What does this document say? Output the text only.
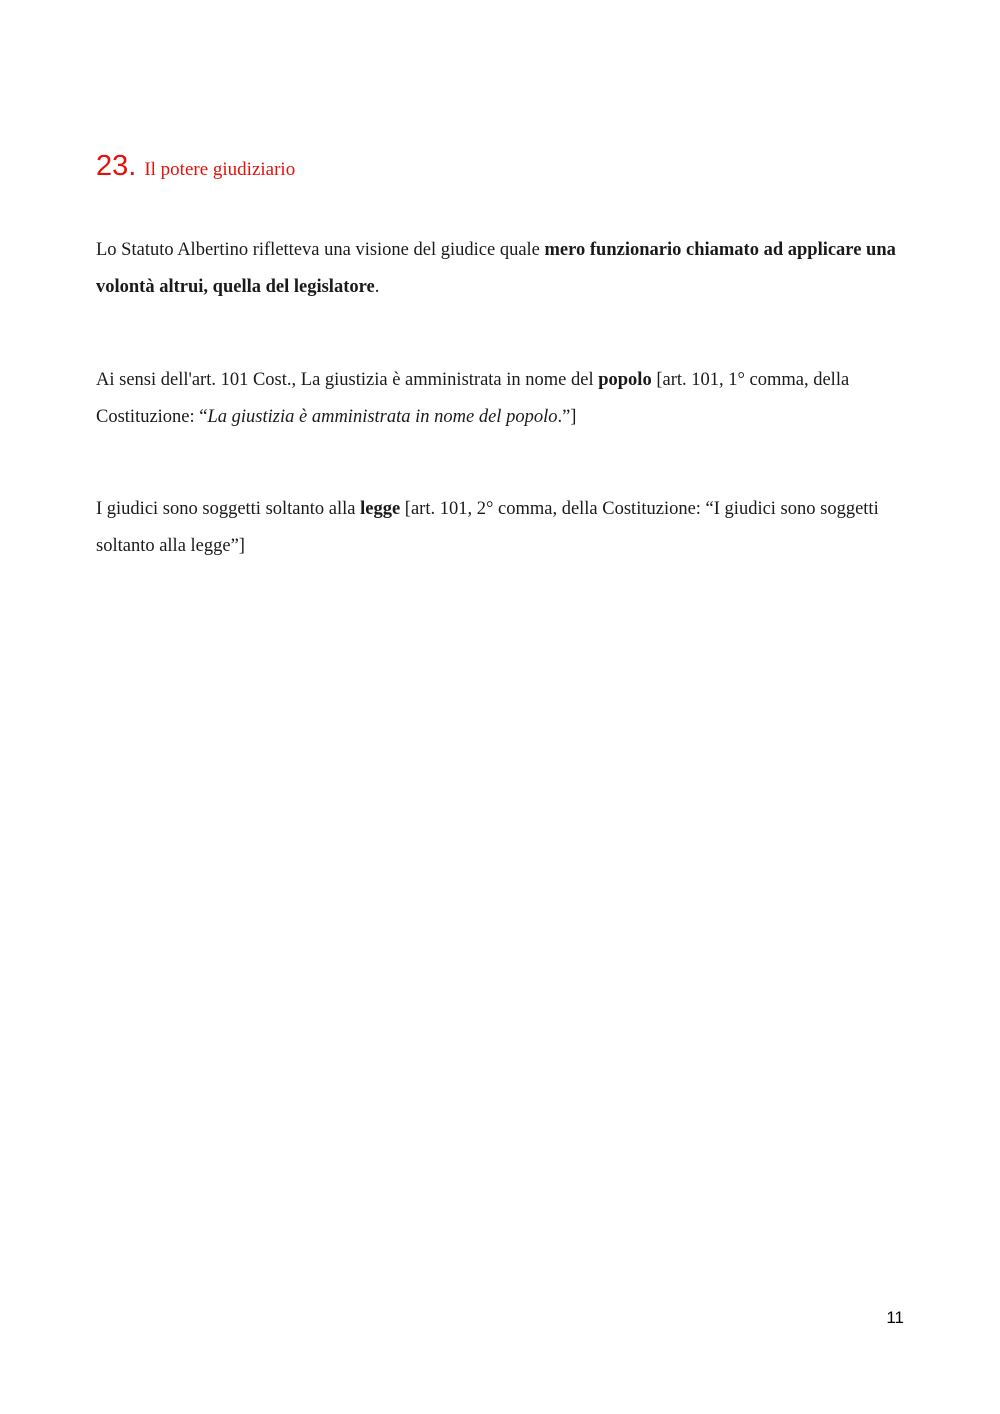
23. Il potere giudiziario

Lo Statuto Albertino rifletteva una visione del giudice quale mero funzionario chiamato ad applicare una volontà altrui, quella del legislatore.

Ai sensi dell'art. 101 Cost., La giustizia è amministrata in nome del popolo [art. 101, 1° comma, della Costituzione: “La giustizia è amministrata in nome del popolo.”]

I giudici sono soggetti soltanto alla legge [art. 101, 2° comma, della Costituzione: “I giudici sono soggetti soltanto alla legge”]

11
